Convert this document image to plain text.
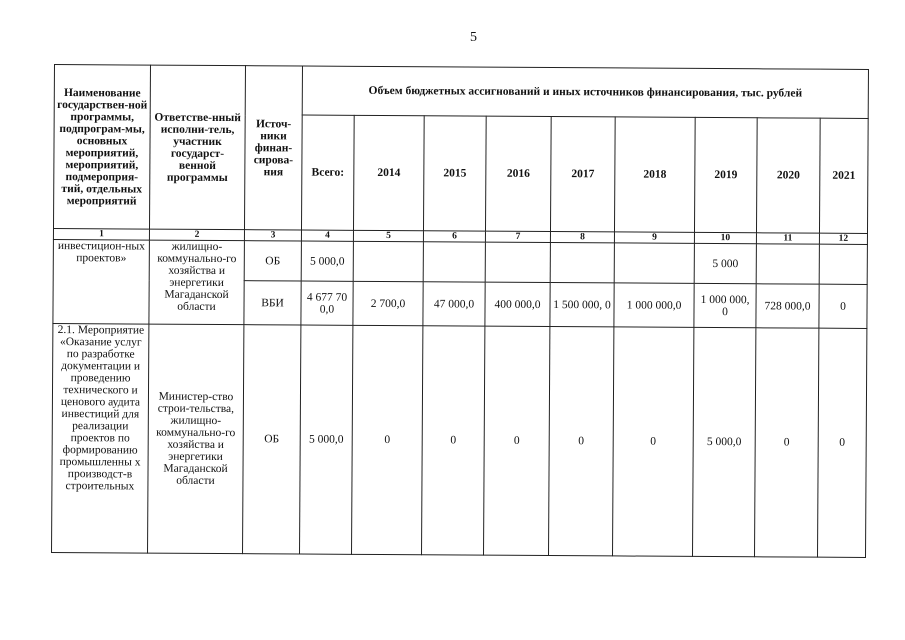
5
Наименование государствен-ной программы, подпрограм-мы, основных мероприятий, мероприятий, подмероприя-тий, отдельных мероприятий	Ответстве-нный исполни-тель, участник государст-венной программы	Источ-ники финан-сирова-ния	Объем бюджетных ассигнований и иных источников финансирования, тыс. рублей								
			Всего:	2014	2015	2016	2017	2018	2019	2020	2021
1	2	3	4	5	6	7	8	9	10	11	12
инвестицион-ных проектов»	жилищно-коммунально-го хозяйства и энергетики Магаданской области	ОБ	5 000,0						5 000		
		ВБИ	4 677 70 0,0	2 700,0	47 000,0	400 000,0	1 500 000, 0	1 000 000,0	1 000 000, 0	728 000,0	0
2.1. Мероприятие «Оказание услуг по разработке документации и проведению технического и ценового аудита инвестиций для реализации проектов по формированию промышленны х производст-в строительных	Министер-ство строи-тельства, жилищно-коммунально-го хозяйства и энергетики Магаданской области	ОБ	5 000,0	0	0	0	0	0	5 000,0	0	0
